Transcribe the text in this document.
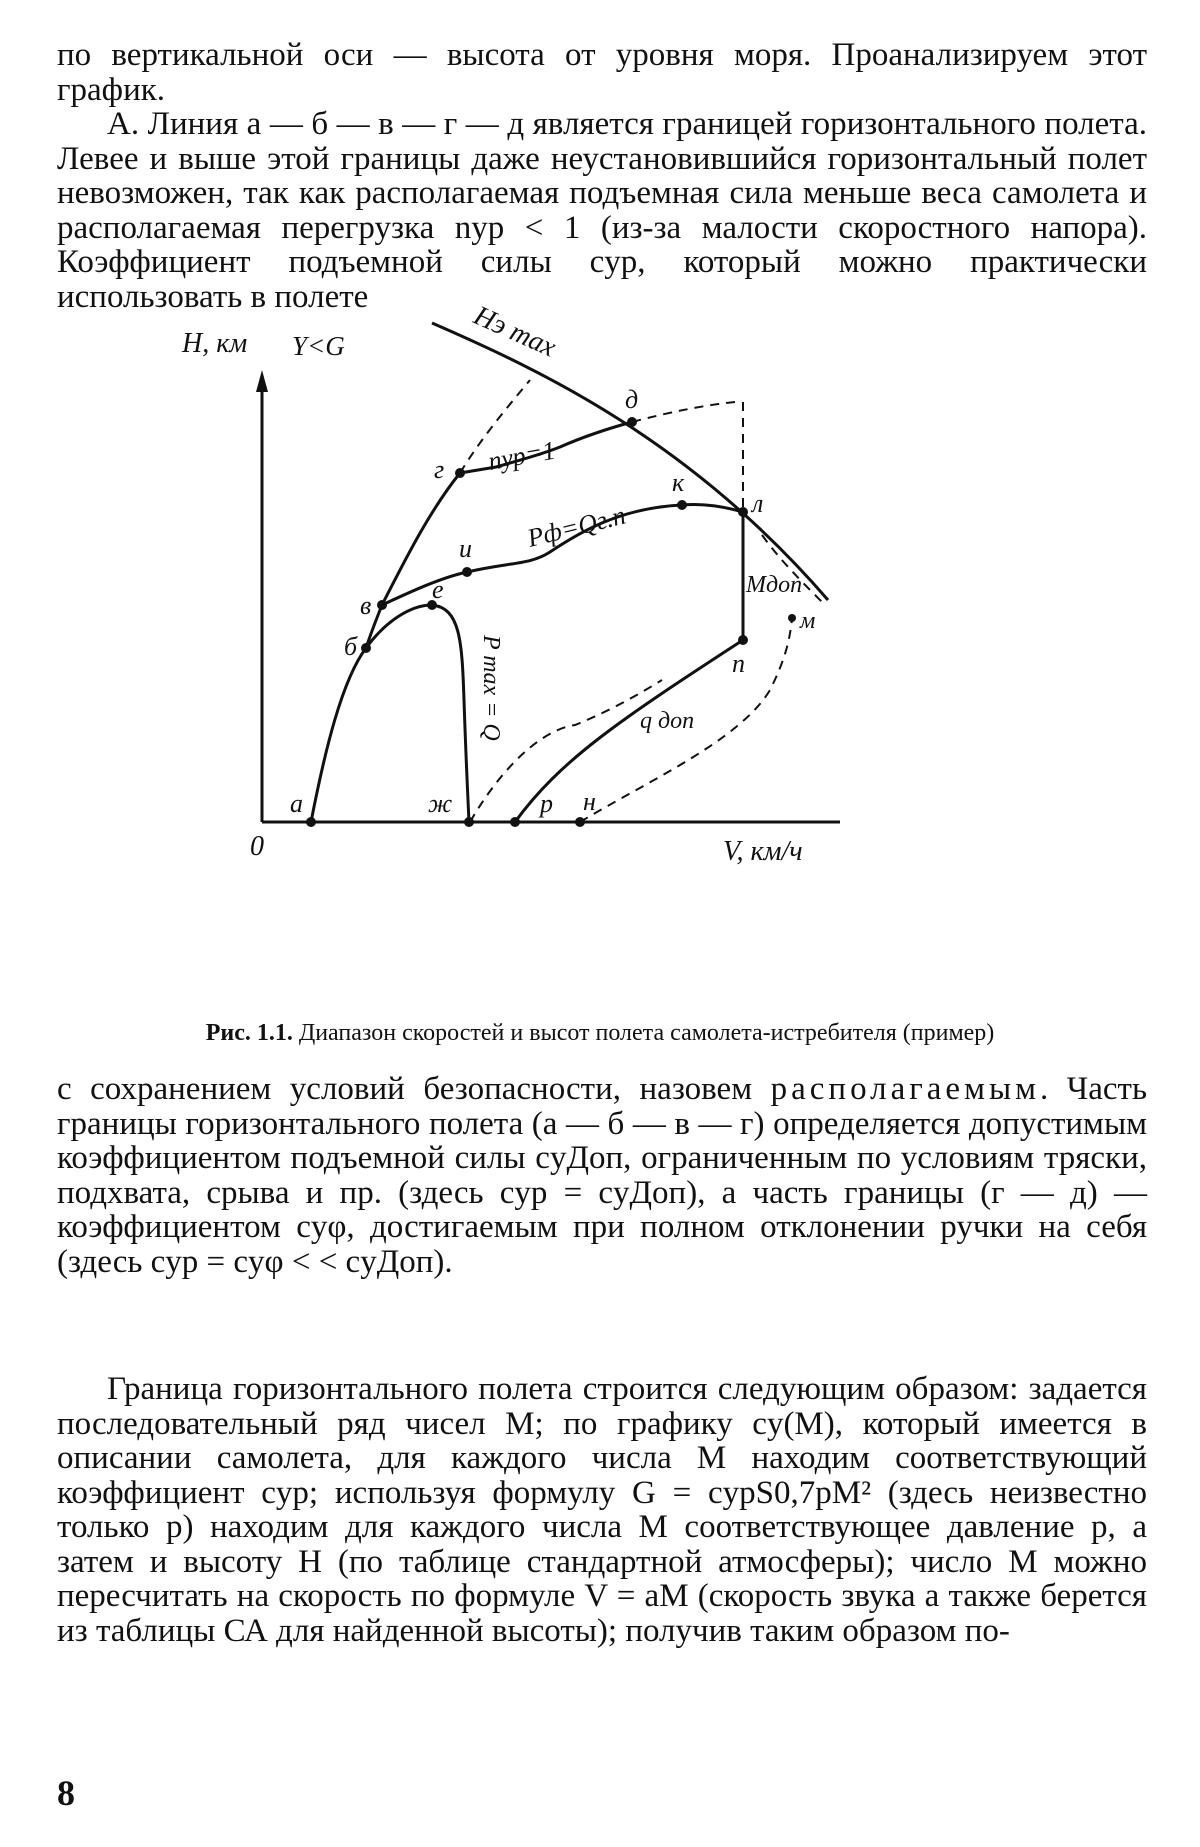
по вертикальной оси — высота от уровня моря. Проанализируем этот график.

А. Линия а — б — в — г — д является границей горизонтального полета. Левее и выше этой границы даже неустановившийся горизонтальный полет невозможен, так как располагаемая подъемная сила меньше веса самолета и располагаемая перегрузка nур < 1 (из-за малости скоростного напора). Коэффициент подъемной силы cур, который можно практически использовать в полете

H, км
V, км/ч
0
Y<G	Hэ max
nур=1
Pф=Qг.п
P max = Q
Мдоп
q доп
а
б
в
г
д
е
ж
и
к
л
м
н
п
р
Рис. 1.1. Диапазон скоростей и высот полета самолета-истребителя (пример)

с сохранением условий безопасности, назовем располагаемым. Часть границы горизонтального полета (а — б — в — г) определяется допустимым коэффициентом подъемной силы cуДоп, ограниченным по условиям тряски, подхвата, срыва и пр. (здесь cур = cуДоп), а часть границы (г — д) — коэффициентом cуφ, достигаемым при полном отклонении ручки на себя (здесь cур = cуφ < < cуДоп).

Граница горизонтального полета строится следующим образом: задается последовательный ряд чисел М; по графику cу(М), который имеется в описании самолета, для каждого числа М находим соответствующий коэффициент cур; используя формулу G = cурS0,7рМ² (здесь неизвестно только р) находим для каждого числа М соответствующее давление р, а затем и высоту Н (по таблице стандартной атмосферы); число М можно пересчитать на скорость по формуле V = aM (скорость звука а также берется из таблицы СА для найденной высоты); получив таким образом по-

8
